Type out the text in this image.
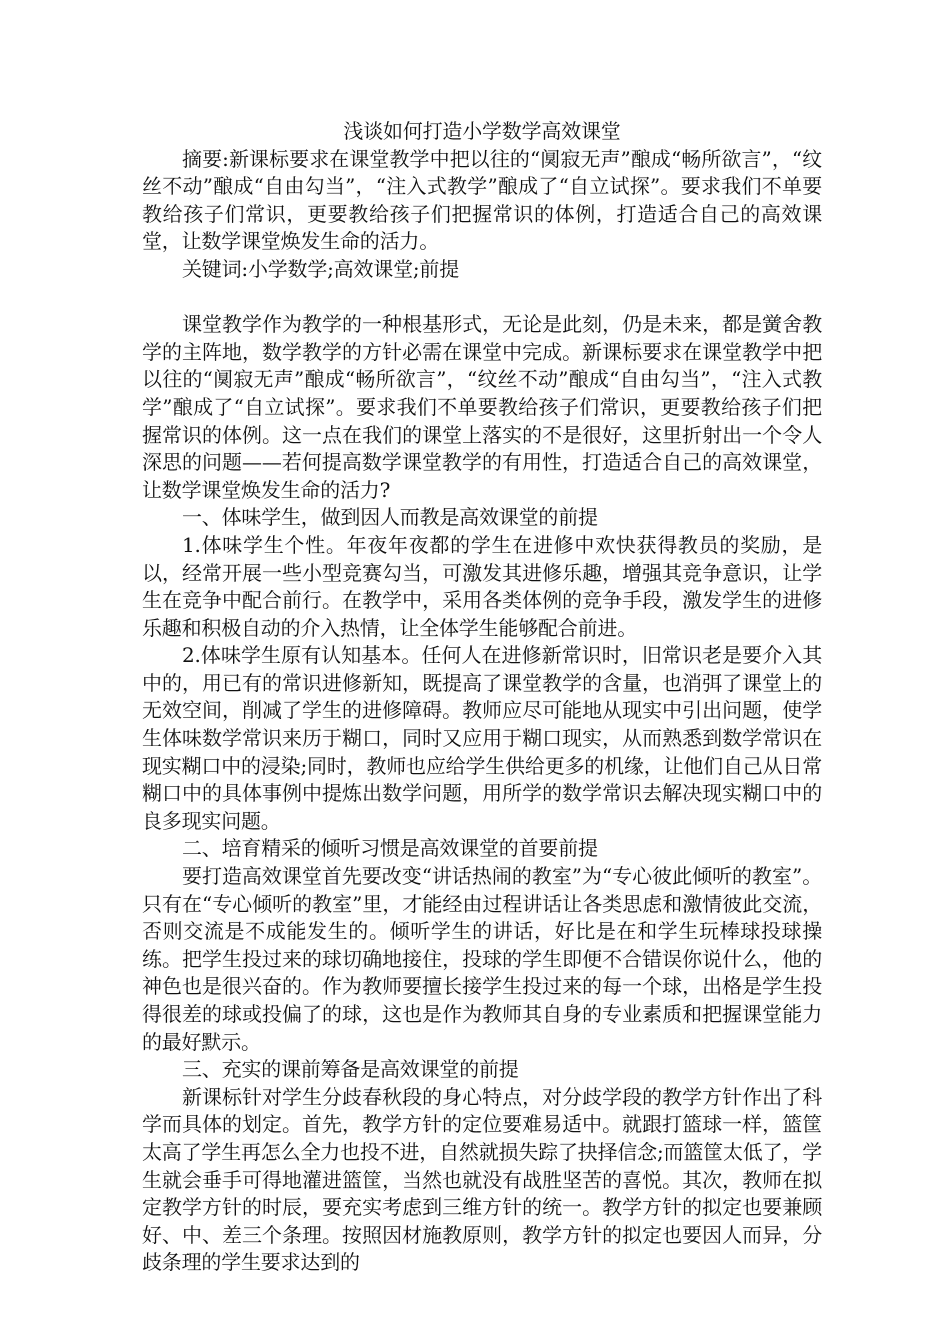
浅谈如何打造小学数学高效课堂

摘要:新课标要求在课堂教学中把以往的“阒寂无声”酿成“畅所欲言”，“纹丝不动”酿成“自由勾当”，“注入式教学”酿成了“自立试探”。要求我们不单要教给孩子们常识，更要教给孩子们把握常识的体例，打造适合自己的高效课堂，让数学课堂焕发生命的活力。

关键词:小学数学;高效课堂;前提

课堂教学作为教学的一种根基形式，无论是此刻，仍是未来，都是黉舍教学的主阵地，数学教学的方针必需在课堂中完成。新课标要求在课堂教学中把以往的“阒寂无声”酿成“畅所欲言”，“纹丝不动”酿成“自由勾当”，“注入式教学”酿成了“自立试探”。要求我们不单要教给孩子们常识，更要教给孩子们把握常识的体例。这一点在我们的课堂上落实的不是很好，这里折射出一个令人深思的问题——若何提高数学课堂教学的有用性，打造适合自己的高效课堂，让数学课堂焕发生命的活力?

一、体味学生，做到因人而教是高效课堂的前提

1.体味学生个性。年夜年夜都的学生在进修中欢快获得教员的奖励，是以，经常开展一些小型竞赛勾当，可激发其进修乐趣，增强其竞争意识，让学生在竞争中配合前行。在教学中，采用各类体例的竞争手段，激发学生的进修乐趣和积极自动的介入热情，让全体学生能够配合前进。

2.体味学生原有认知基本。任何人在进修新常识时，旧常识老是要介入其中的，用已有的常识进修新知，既提高了课堂教学的含量，也消弭了课堂上的无效空间，削减了学生的进修障碍。教师应尽可能地从现实中引出问题，使学生体味数学常识来历于糊口，同时又应用于糊口现实，从而熟悉到数学常识在现实糊口中的浸染;同时，教师也应给学生供给更多的机缘，让他们自己从日常糊口中的具体事例中提炼出数学问题，用所学的数学常识去解决现实糊口中的良多现实问题。

二、培育精采的倾听习惯是高效课堂的首要前提

要打造高效课堂首先要改变“讲话热闹的教室”为“专心彼此倾听的教室”。只有在“专心倾听的教室”里，才能经由过程讲话让各类思虑和激情彼此交流，否则交流是不成能发生的。倾听学生的讲话，好比是在和学生玩棒球投球操练。把学生投过来的球切确地接住，投球的学生即便不合错误你说什么，他的神色也是很兴奋的。作为教师要擅长接学生投过来的每一个球，出格是学生投得很差的球或投偏了的球，这也是作为教师其自身的专业素质和把握课堂能力的最好默示。

三、充实的课前筹备是高效课堂的前提

新课标针对学生分歧春秋段的身心特点，对分歧学段的教学方针作出了科学而具体的划定。首先，教学方针的定位要难易适中。就跟打篮球一样，篮筐太高了学生再怎么全力也投不进，自然就损失踪了抉择信念;而篮筐太低了，学生就会垂手可得地灌进篮筐，当然也就没有战胜坚苦的喜悦。其次，教师在拟定教学方针的时辰，要充实考虑到三维方针的统一。教学方针的拟定也要兼顾好、中、差三个条理。按照因材施教原则，教学方针的拟定也要因人而异，分歧条理的学生要求达到的
